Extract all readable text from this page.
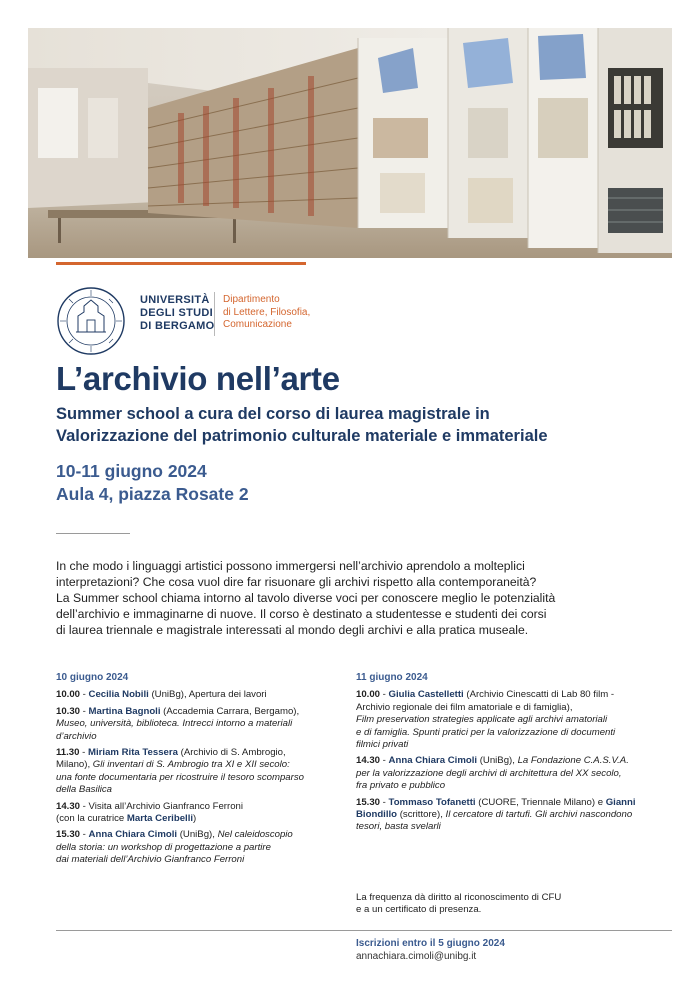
UNIVERSITÀ
DEGLI STUDI
DI BERGAMO
Dipartimento
di Lettere, Filosofia,
Comunicazione
L’archivio nell’arte
Summer school a cura del corso di laurea magistrale in
Valorizzazione del patrimonio culturale materiale e immateriale
10-11 giugno 2024
Aula 4, piazza Rosate 2
In che modo i linguaggi artistici possono immergersi nell’archivio aprendolo a molteplici
interpretazioni? Che cosa vuol dire far risuonare gli archivi rispetto alla contemporaneità?
La Summer school chiama intorno al tavolo diverse voci per conoscere meglio le potenzialità
dell’archivio e immaginarne di nuove. Il corso è destinato a studentesse e studenti dei corsi
di laurea triennale e magistrale interessati al mondo degli archivi e alla pratica museale.
10 giugno 2024
10.00 - Cecilia Nobili (UniBg), Apertura dei lavori
10.30 - Martina Bagnoli (Accademia Carrara, Bergamo),
Museo, università, biblioteca. Intrecci intorno a materiali
d’archivio
11.30 - Miriam Rita Tessera (Archivio di S. Ambrogio,
Milano), Gli inventari di S. Ambrogio tra XI e XII secolo:
una fonte documentaria per ricostruire il tesoro scomparso
della Basilica
14.30 - Visita all’Archivio Gianfranco Ferroni
(con la curatrice Marta Ceribelli)
15.30 - Anna Chiara Cimoli (UniBg), Nel caleidoscopio
della storia: un workshop di progettazione a partire
dai materiali dell’Archivio Gianfranco Ferroni
11 giugno 2024
10.00 - Giulia Castelletti (Archivio Cinescatti di Lab 80 film -
Archivio regionale dei film amatoriale e di famiglia),
Film preservation strategies applicate agli archivi amatoriali
e di famiglia. Spunti pratici per la valorizzazione di documenti
filmici privati
14.30 - Anna Chiara Cimoli (UniBg), La Fondazione C.A.S.V.A.
per la valorizzazione degli archivi di architettura del XX secolo,
fra privato e pubblico
15.30 - Tommaso Tofanetti (CUORE, Triennale Milano) e Gianni
Biondillo (scrittore), Il cercatore di tartufi. Gli archivi nascondono
tesori, basta svelarli
La frequenza dà diritto al riconoscimento di CFU
e a un certificato di presenza.
Iscrizioni entro il 5 giugno 2024
annachiara.cimoli@unibg.it
